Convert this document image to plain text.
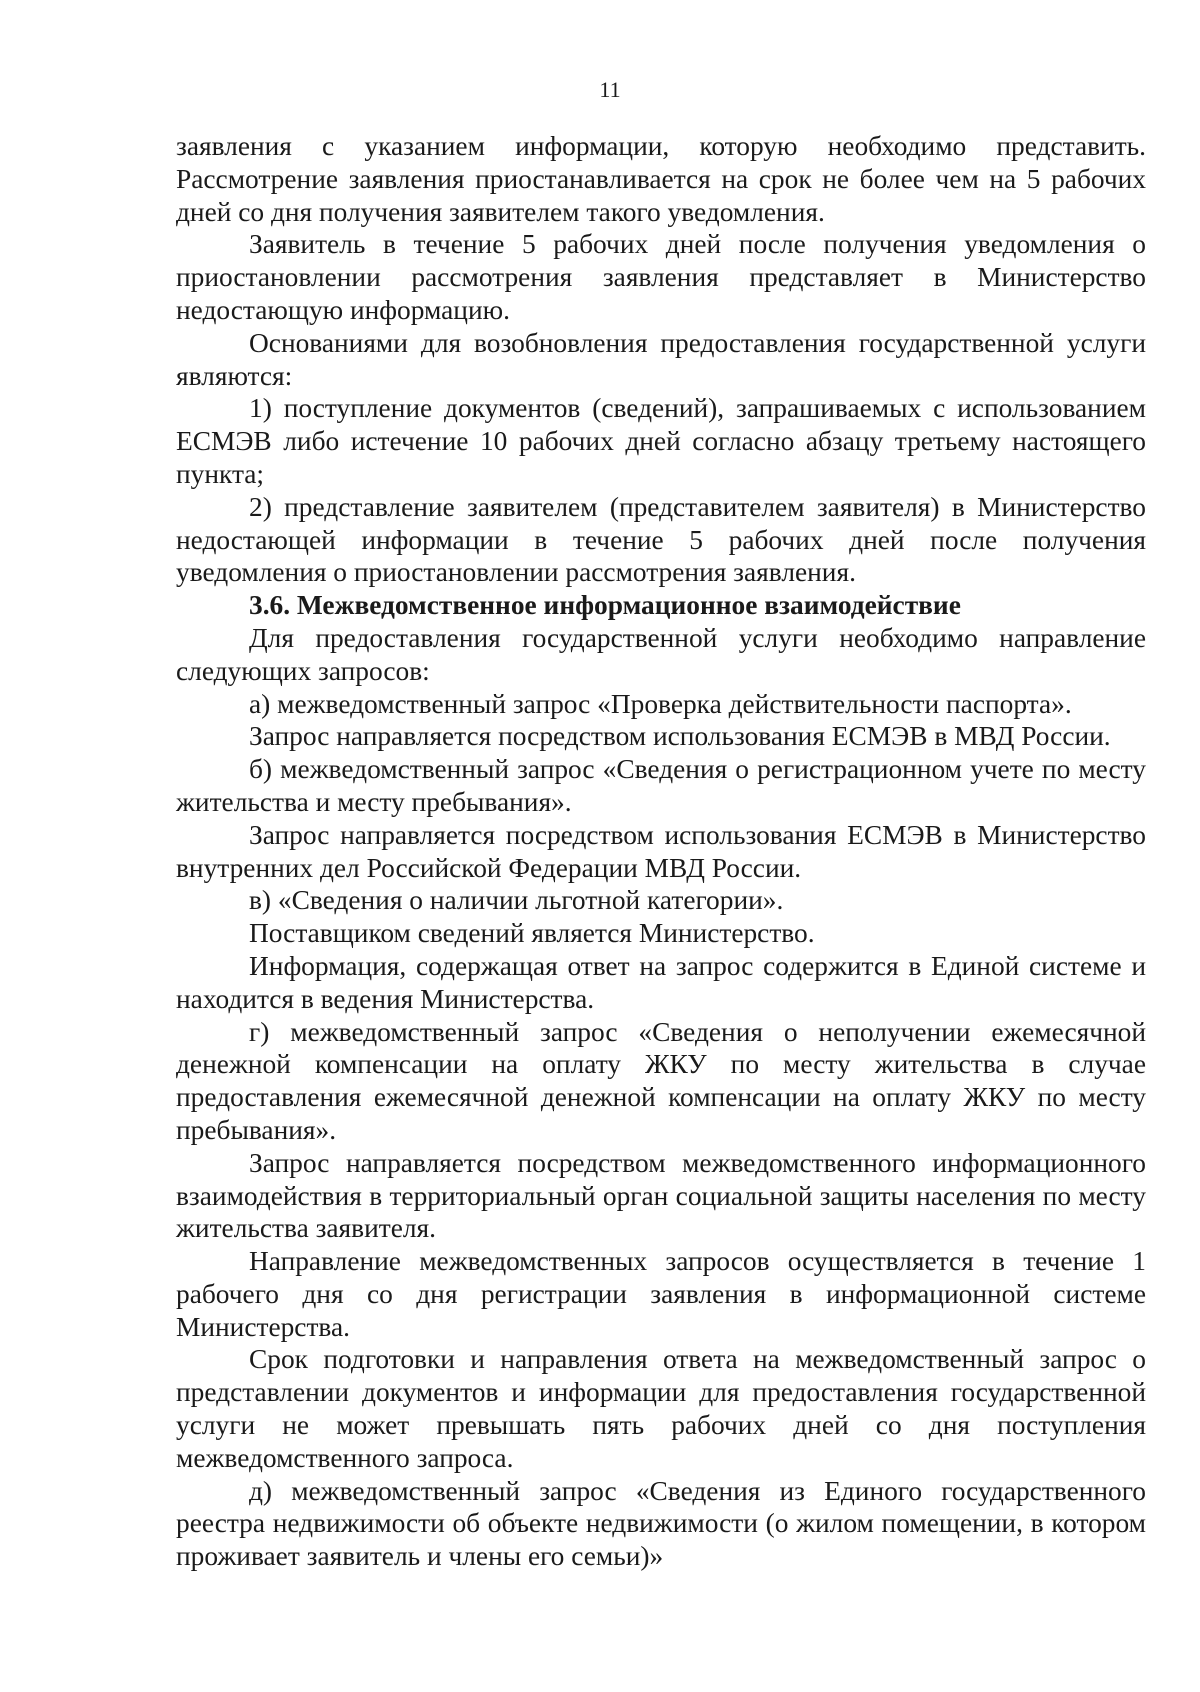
11

заявления с указанием информации, которую необходимо представить. Рассмотрение заявления приостанавливается на срок не более чем на 5 рабочих дней со дня получения заявителем такого уведомления.

Заявитель в течение 5 рабочих дней после получения уведомления о приостановлении рассмотрения заявления представляет в Министерство недостающую информацию.

Основаниями для возобновления предоставления государственной услуги являются:

1) поступление документов (сведений), запрашиваемых с использованием ЕСМЭВ либо истечение 10 рабочих дней согласно абзацу третьему настоящего пункта;

2) представление заявителем (представителем заявителя) в Министерство недостающей информации в течение 5 рабочих дней после получения уведомления о приостановлении рассмотрения заявления.

3.6. Межведомственное информационное взаимодействие

Для предоставления государственной услуги необходимо направление следующих запросов:

а) межведомственный запрос «Проверка действительности паспорта».

Запрос направляется посредством использования ЕСМЭВ в МВД России.

б) межведомственный запрос «Сведения о регистрационном учете по месту жительства и месту пребывания».

Запрос направляется посредством использования ЕСМЭВ в Министерство внутренних дел Российской Федерации МВД России.

в) «Сведения о наличии льготной категории».

Поставщиком сведений является Министерство.

Информация, содержащая ответ на запрос содержится в Единой системе и находится в ведения Министерства.

г) межведомственный запрос «Сведения о неполучении ежемесячной денежной компенсации на оплату ЖКУ по месту жительства в случае предоставления ежемесячной денежной компенсации на оплату ЖКУ по месту пребывания».

Запрос направляется посредством межведомственного информационного взаимодействия в территориальный орган социальной защиты населения по месту жительства заявителя.

Направление межведомственных запросов осуществляется в течение 1 рабочего дня со дня регистрации заявления в информационной системе Министерства.

Срок подготовки и направления ответа на межведомственный запрос о представлении документов и информации для предоставления государственной услуги не может превышать пять рабочих дней со дня поступления межведомственного запроса.

д) межведомственный запрос «Сведения из Единого государственного реестра недвижимости об объекте недвижимости (о жилом помещении, в котором проживает заявитель и члены его семьи)»
